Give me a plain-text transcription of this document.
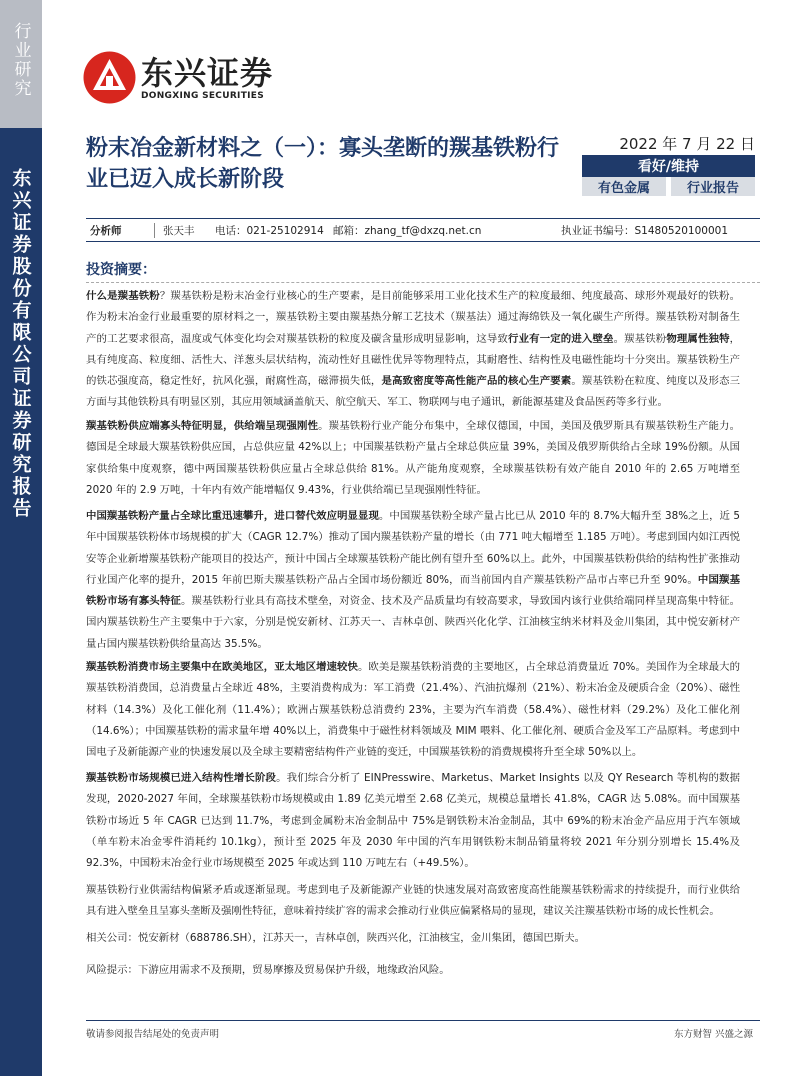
行业研究
东兴证券股份有限公司证券研究报告
东兴证券
DONGXING SECURITIES
粉末冶金新材料之（一）：寡头垄断的羰基铁粉行业已迈入成长新阶段
2022 年 7 月 22 日
看好/维持
有色金属	行业报告
分析师	张天丰	电话：021-25102914 邮箱：zhang_tf@dxzq.net.cn	执业证书编号：S1480520100001
投资摘要：
什么是羰基铁粉？羰基铁粉是粉末冶金行业核心的生产要素，是目前能够采用工业化技术生产的粒度最细、纯度最高、球形外观最好的铁粉。作为粉末冶金行业最重要的原材料之一，羰基铁粉主要由羰基热分解工艺技术（羰基法）通过海绵铁及一氧化碳生产所得。羰基铁粉对制备生产的工艺要求很高，温度或气体变化均会对羰基铁粉的粒度及碳含量形成明显影响，这导致行业有一定的进入壁垒。羰基铁粉物理属性独特，具有纯度高、粒度细、活性大、洋葱头层状结构，流动性好且磁性优异等物理特点，其耐磨性、结构性及电磁性能均十分突出。羰基铁粉生产的铁芯强度高，稳定性好，抗风化强，耐腐性高，磁滞损失低，是高致密度等高性能产品的核心生产要素。羰基铁粉在粒度、纯度以及形态三方面与其他铁粉具有明显区别，其应用领域涵盖航天、航空航天、军工、物联网与电子通讯，新能源基建及食品医药等多行业。
羰基铁粉供应端寡头特征明显，供给端呈现强刚性。羰基铁粉行业产能分布集中，全球仅德国，中国，美国及俄罗斯具有羰基铁粉生产能力。德国是全球最大羰基铁粉供应国，占总供应量 42%以上；中国羰基铁粉产量占全球总供应量 39%，美国及俄罗斯供给占全球 19%份额。从国家供给集中度观察，德中两国羰基铁粉供应量占全球总供给 81%。从产能角度观察，全球羰基铁粉有效产能自 2010 年的 2.65 万吨增至 2020 年的 2.9 万吨，十年内有效产能增幅仅 9.43%，行业供给端已呈现强刚性特征。
中国羰基铁粉产量占全球比重迅速攀升，进口替代效应明显显现。中国羰基铁粉全球产量占比已从 2010 年的 8.7%大幅升至 38%之上，近 5 年中国羰基铁粉体市场规模的扩大（CAGR 12.7%）推动了国内羰基铁粉产量的增长（由 771 吨大幅增至 1.185 万吨）。考虑到国内如江西悦安等企业新增羰基铁粉产能项目的投达产，预计中国占全球羰基铁粉产能比例有望升至 60%以上。此外，中国羰基铁粉供给的结构性扩张推动行业国产化率的提升，2015 年前巴斯夫羰基铁粉产品占全国市场份额近 80%，而当前国内自产羰基铁粉产品市占率已升至 90%。中国羰基铁粉市场有寡头特征。羰基铁粉行业具有高技术壁垒，对资金、技术及产品质量均有较高要求，导致国内该行业供给端同样呈现高集中特征。国内羰基铁粉生产主要集中于六家，分别是悦安新材、江苏天一、吉林卓创、陕西兴化化学、江油核宝纳米材料及金川集团，其中悦安新材产量占国内羰基铁粉供给量高达 35.5%。
羰基铁粉消费市场主要集中在欧美地区，亚太地区增速较快。欧美是羰基铁粉消费的主要地区，占全球总消费量近 70%。美国作为全球最大的羰基铁粉消费国，总消费量占全球近 48%，主要消费构成为：军工消费（21.4%）、汽油抗爆剂（21%）、粉末冶金及硬质合金（20%）、磁性材料（14.3%）及化工催化剂（11.4%）；欧洲占羰基铁粉总消费约 23%，主要为汽车消费（58.4%）、磁性材料（29.2%）及化工催化剂（14.6%）；中国羰基铁粉的需求量年增 40%以上，消费集中于磁性材料领域及 MIM 喂料、化工催化剂、硬质合金及军工产品原料。考虑到中国电子及新能源产业的快速发展以及全球主要精密结构件产业链的变迁，中国羰基铁粉的消费规模将升至全球 50%以上。
羰基铁粉市场规模已进入结构性增长阶段。我们综合分析了 EINPresswire、Marketus、Market Insights 以及 QY Research 等机构的数据发现，2020-2027 年间，全球羰基铁粉市场规模或由 1.89 亿美元增至 2.68 亿美元，规模总量增长 41.8%，CAGR 达 5.08%。而中国羰基铁粉市场近 5 年 CAGR 已达到 11.7%，考虑到金属粉末冶金制品中 75%是钢铁粉末冶金制品，其中 69%的粉末冶金产品应用于汽车领域（单车粉末冶金零件消耗约 10.1kg），预计至 2025 年及 2030 年中国的汽车用钢铁粉末制品销量将较 2021 年分别分别增长 15.4%及 92.3%，中国粉末冶金行业市场规模至 2025 年或达到 110 万吨左右（+49.5%）。
羰基铁粉行业供需结构偏紧矛盾或逐渐显现。考虑到电子及新能源产业链的快速发展对高致密度高性能羰基铁粉需求的持续提升，而行业供给具有进入壁垒且呈寡头垄断及强刚性特征，意味着持续扩容的需求会推动行业供应偏紧格局的显现，建议关注羰基铁粉市场的成长性机会。
相关公司：悦安新材（688786.SH），江苏天一，吉林卓创，陕西兴化，江油核宝，金川集团，德国巴斯夫。
风险提示：下游应用需求不及预期，贸易摩擦及贸易保护升级，地缘政治风险。
敬请参阅报告结尾处的免责声明	东方财智 兴盛之源
